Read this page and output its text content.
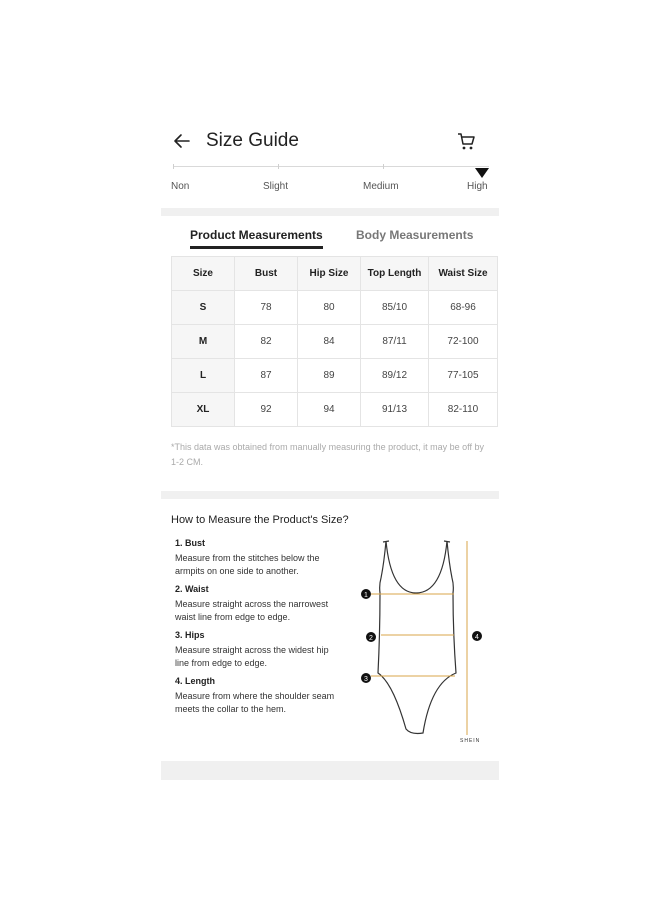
Size Guide
Non	Slight	Medium	High
Product Measurements	Body Measurements
Size	Bust	Hip Size	Top Length	Waist Size
S	78	80	85/10	68-96
M	82	84	87/11	72-100
L	87	89	89/12	77-105
XL	92	94	91/13	82-110
*This data was obtained from manually measuring the product, it may be off by 1-2 CM.
How to Measure the Product's Size?
1. Bust
Measure from the stitches below the armpits on one side to another.
2. Waist
Measure straight across the narrowest waist line from edge to edge.
3. Hips
Measure straight across the widest hip line from edge to edge.
4. Length
Measure from where the shoulder seam meets the collar to the hem.
1
2
3
4
SHEIN
